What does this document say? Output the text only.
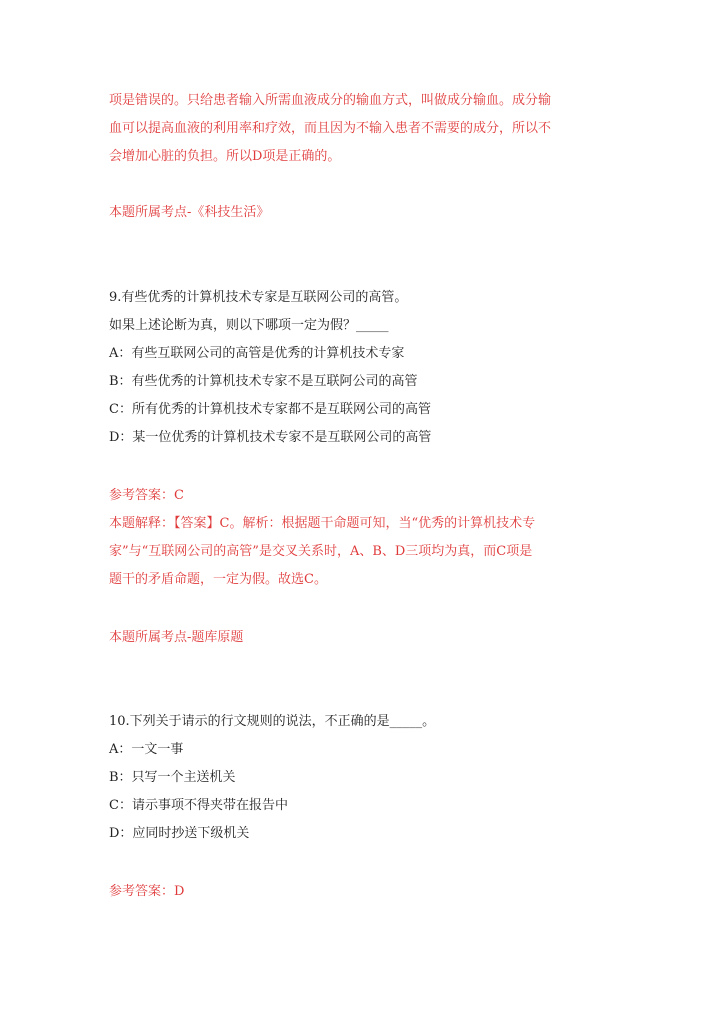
项是错误的。只给患者输入所需血液成分的输血方式，叫做成分输血。成分输
血可以提高血液的利用率和疗效，而且因为不输入患者不需要的成分，所以不
会增加心脏的负担。所以D项是正确的。
本题所属考点-《科技生活》
9.有些优秀的计算机技术专家是互联网公司的高管。
如果上述论断为真，则以下哪项一定为假？_____
A：有些互联网公司的高管是优秀的计算机技术专家
B：有些优秀的计算机技术专家不是互联阿公司的高管
C：所有优秀的计算机技术专家都不是互联网公司的高管
D：某一位优秀的计算机技术专家不是互联网公司的高管
参考答案：C
本题解释：【答案】C。解析：根据题干命题可知，当“优秀的计算机技术专
家”与“互联网公司的高管”是交叉关系时，A、B、D三项均为真，而C项是
题干的矛盾命题，一定为假。故选C。
本题所属考点-题库原题
10.下列关于请示的行文规则的说法，不正确的是_____。
A：一文一事
B：只写一个主送机关
C：请示事项不得夹带在报告中
D：应同时抄送下级机关
参考答案：D
